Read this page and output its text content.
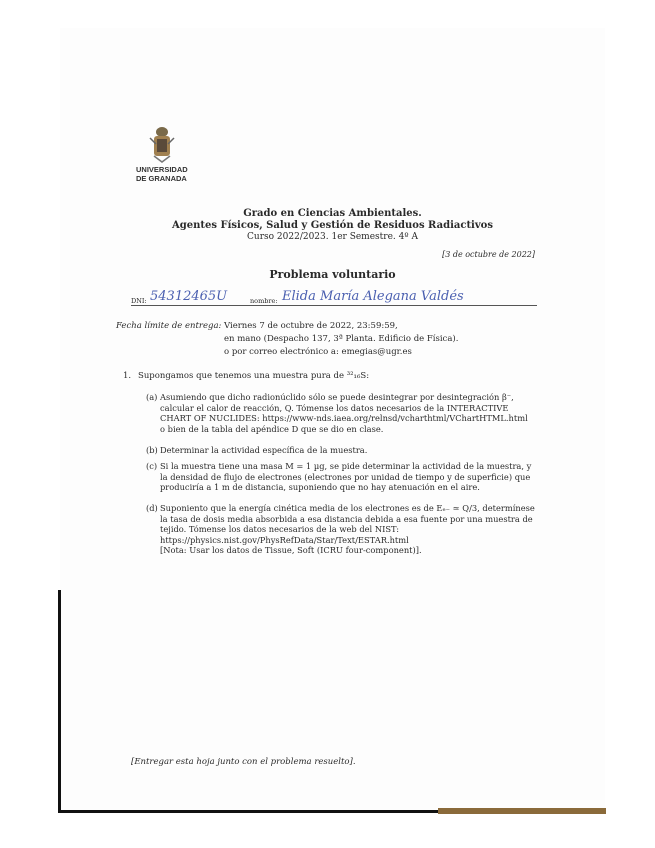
UNIVERSIDAD
DE GRANADA
Grado en Ciencias Ambientales.
Agentes Físicos, Salud y Gestión de Residuos Radiactivos
Curso 2022/2023. 1er Semestre. 4º A
[3 de octubre de 2022]
Problema voluntario
DNI: 54312465U	nombre: Elida María Alegana Valdés
Fecha límite de entrega: Viernes 7 de octubre de 2022, 23:59:59,
en mano (Despacho 137, 3ª Planta. Edificio de Física).
o por correo electrónico a: emegias@ugr.es
1. Supongamos que tenemos una muestra pura de ³²₁₆S:
(a) Asumiendo que dicho radionúclido sólo se puede desintegrar por desintegración β⁻,
calcular el calor de reacción, Q. Tómense los datos necesarios de la INTERACTIVE
CHART OF NUCLIDES: https://www-nds.iaea.org/relnsd/vcharthtml/VChartHTML.html
o bien de la tabla del apéndice D que se dio en clase.
(b) Determinar la actividad específica de la muestra.
(c) Si la muestra tiene una masa M = 1 µg, se pide determinar la actividad de la muestra, y
la densidad de flujo de electrones (electrones por unidad de tiempo y de superficie) que
produciría a 1 m de distancia, suponiendo que no hay atenuación en el aire.
(d) Suponiento que la energía cinética media de los electrones es de Eₑ₋ ≃ Q/3, determínese
la tasa de dosis media absorbida a esa distancia debida a esa fuente por una muestra de
tejido. Tómense los datos necesarios de la web del NIST:
https://physics.nist.gov/PhysRefData/Star/Text/ESTAR.html
[Nota: Usar los datos de Tissue, Soft (ICRU four-component)].
[Entregar esta hoja junto con el problema resuelto].
